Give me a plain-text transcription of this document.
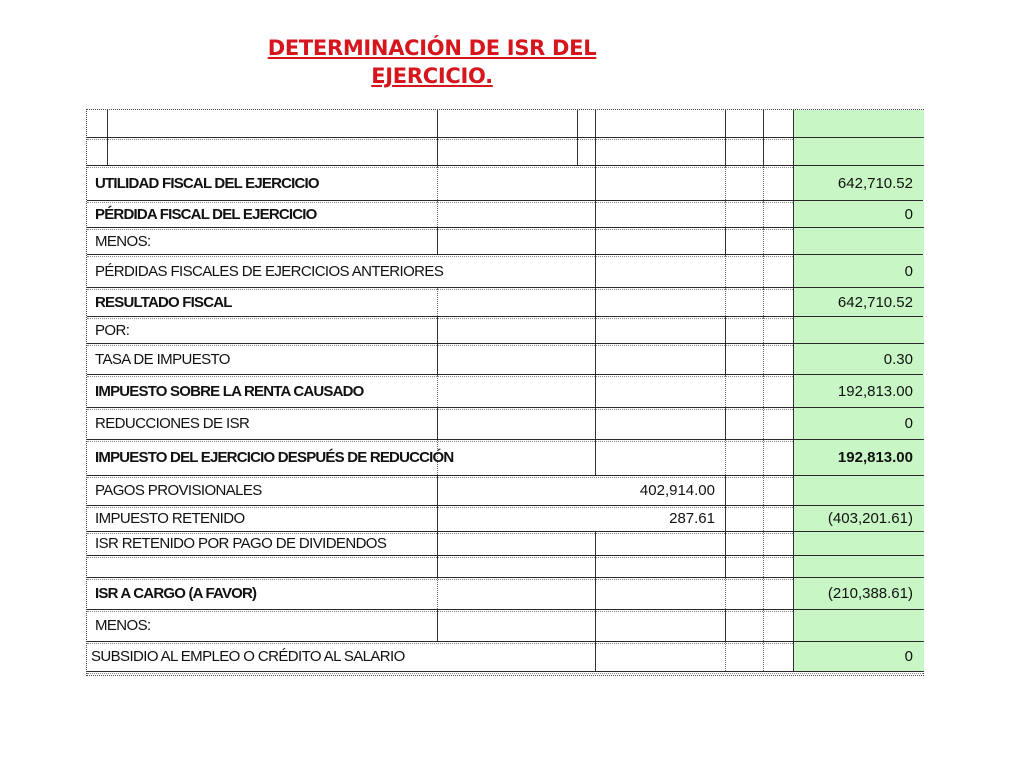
DETERMINACIÓN DE ISR DEL
EJERCICIO.
UTILIDAD FISCAL DEL EJERCICIO	642,710.52
PÉRDIDA FISCAL DEL EJERCICIO	0
MENOS:
PÉRDIDAS FISCALES DE EJERCICIOS ANTERIORES	0
RESULTADO FISCAL	642,710.52
POR:
TASA DE IMPUESTO	0.30
IMPUESTO SOBRE LA RENTA CAUSADO	192,813.00
REDUCCIONES DE ISR	0
IMPUESTO DEL EJERCICIO DESPUÉS DE REDUCCIÓN	192,813.00
PAGOS PROVISIONALES	402,914.00
IMPUESTO RETENIDO	287.61	(403,201.61)
ISR RETENIDO POR PAGO DE DIVIDENDOS
ISR A CARGO (A FAVOR)	(210,388.61)
MENOS:
SUBSIDIO AL EMPLEO O CRÉDITO AL SALARIO	0
